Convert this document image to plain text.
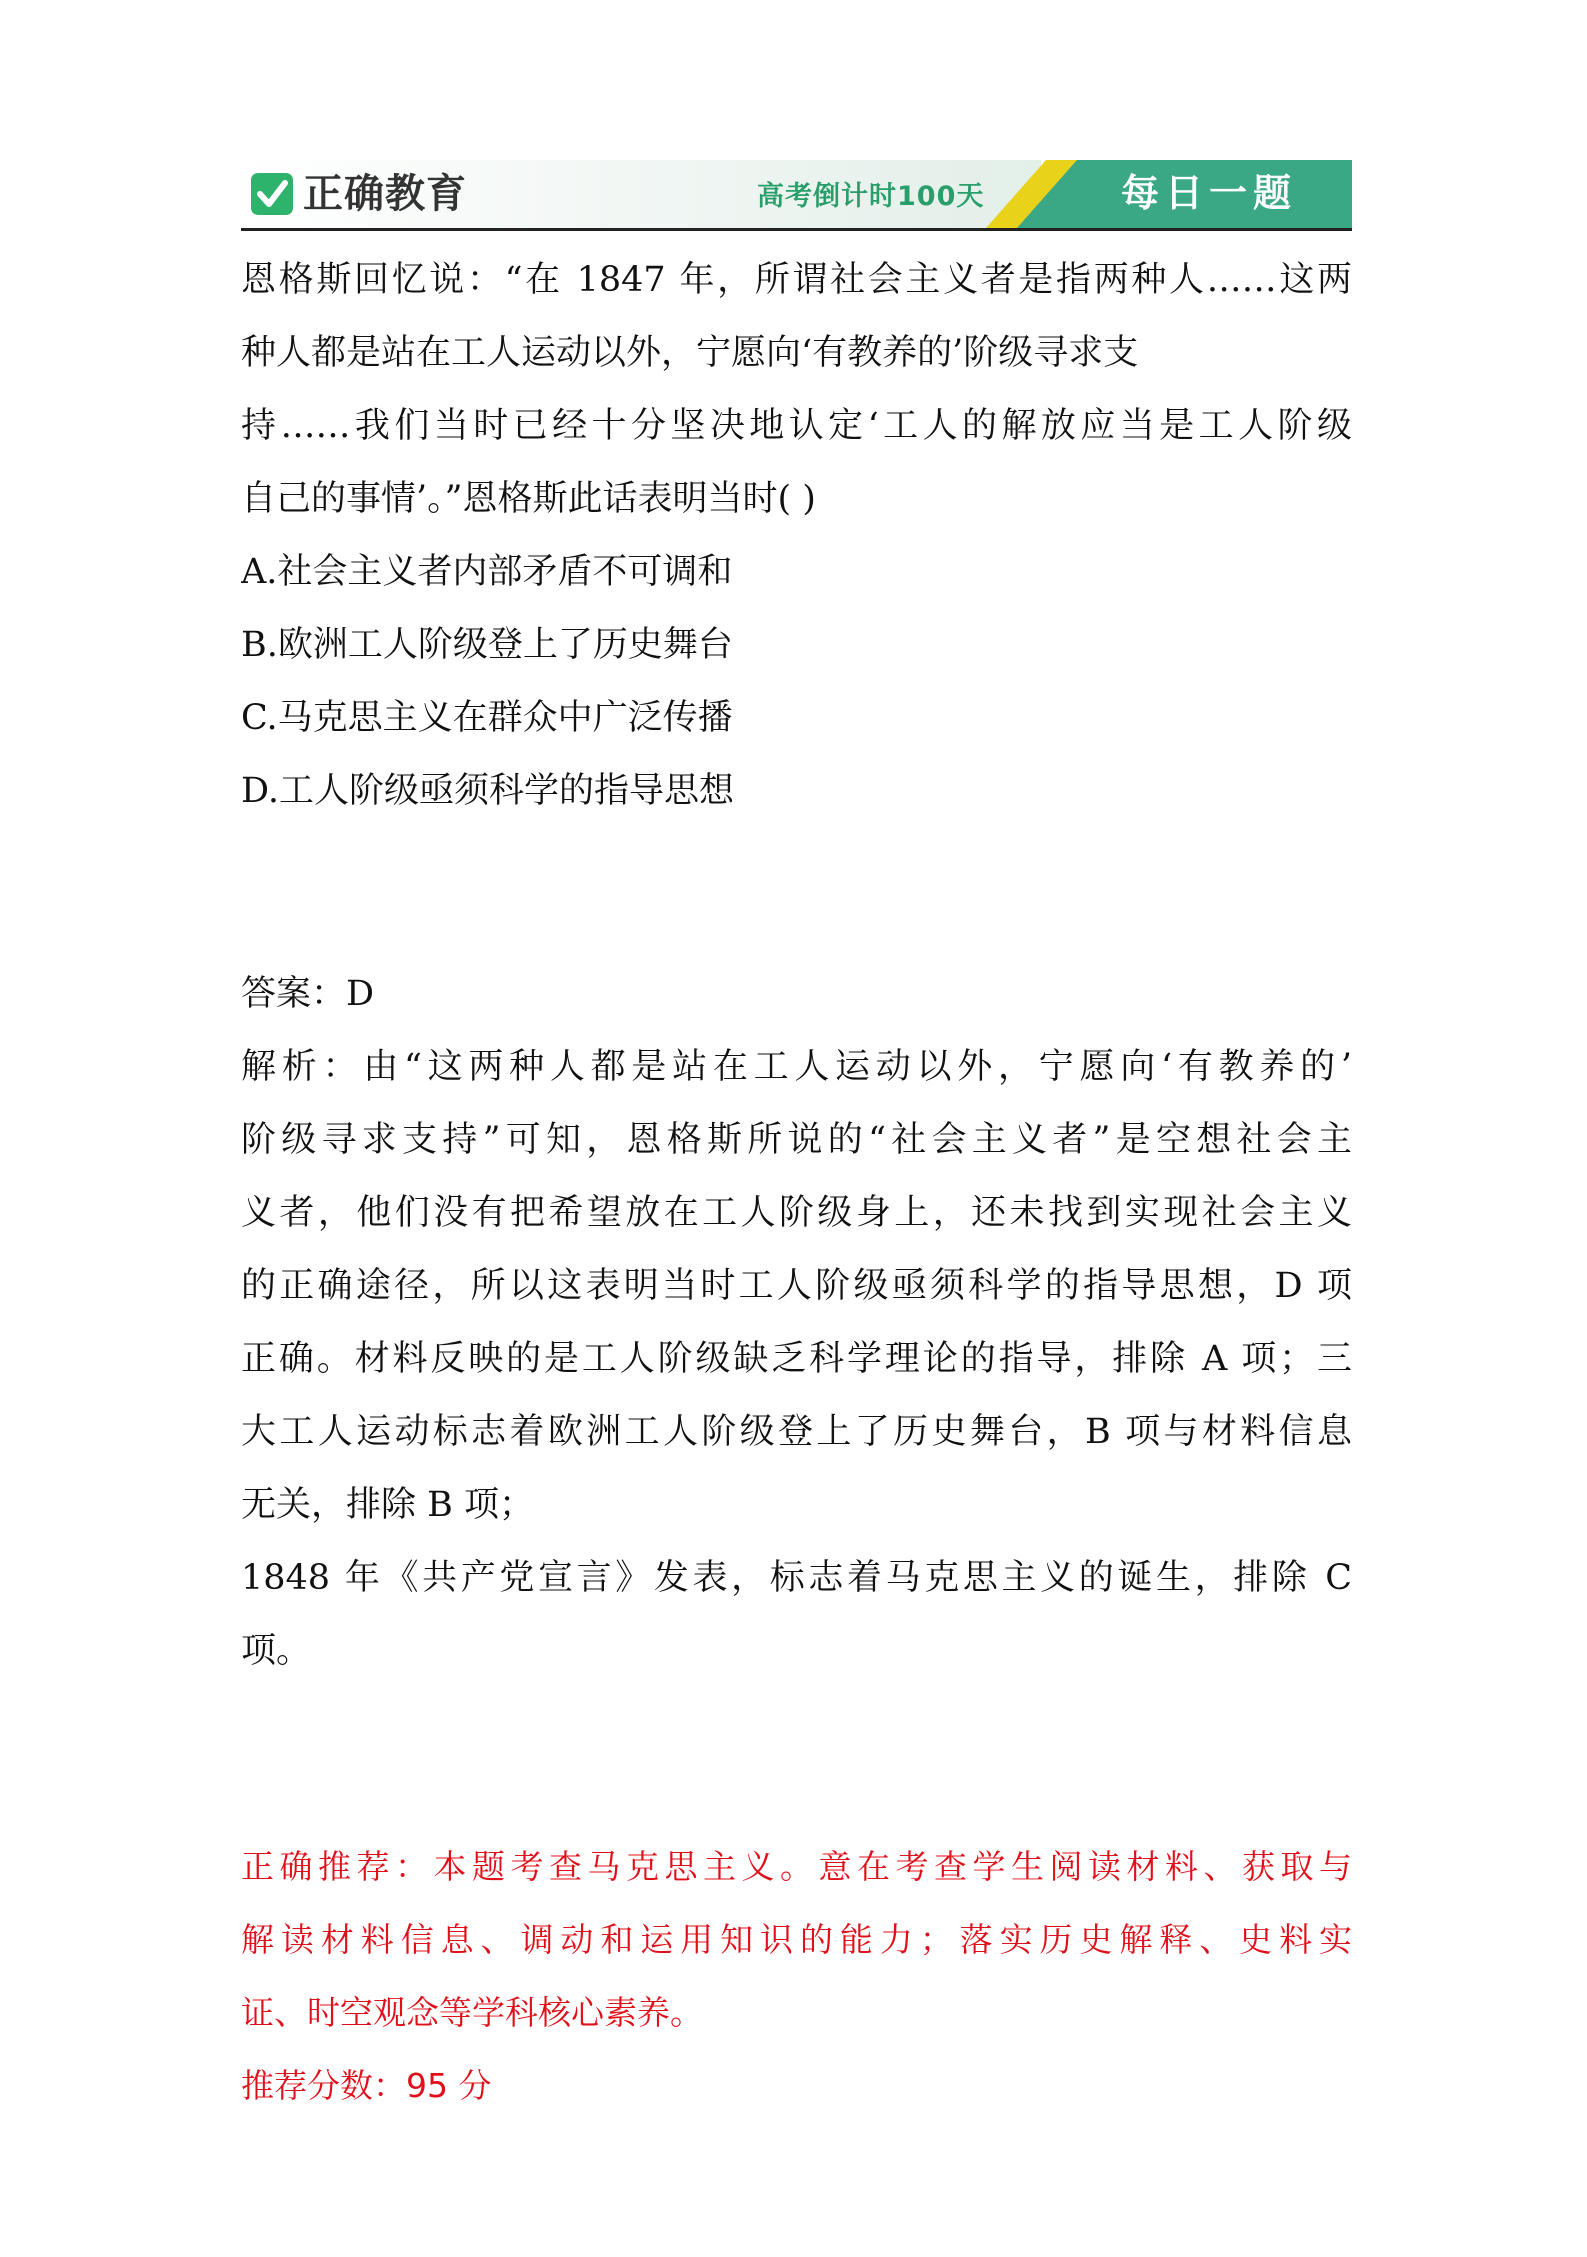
正确教育	高考倒计时100天	每日一题
恩格斯回忆说：“在 1847 年，所谓社会主义者是指两种人……这两
种人都是站在工人运动以外，宁愿向‘有教养的’阶级寻求支
持……我们当时已经十分坚决地认定‘工人的解放应当是工人阶级
自己的事情’。”恩格斯此话表明当时( )
A.社会主义者内部矛盾不可调和
B.欧洲工人阶级登上了历史舞台
C.马克思主义在群众中广泛传播
D.工人阶级亟须科学的指导思想
答案：D
解析：由“这两种人都是站在工人运动以外，宁愿向‘有教养的’
阶级寻求支持”可知，恩格斯所说的“社会主义者”是空想社会主
义者，他们没有把希望放在工人阶级身上，还未找到实现社会主义
的正确途径，所以这表明当时工人阶级亟须科学的指导思想，D 项
正确。材料反映的是工人阶级缺乏科学理论的指导，排除 A 项；三
大工人运动标志着欧洲工人阶级登上了历史舞台，B 项与材料信息
无关，排除 B 项；
1848 年《共产党宣言》发表，标志着马克思主义的诞生，排除 C
项。
正确推荐：本题考查马克思主义。意在考查学生阅读材料、获取与
解读材料信息、调动和运用知识的能力；落实历史解释、史料实
证、时空观念等学科核心素养。
推荐分数：95 分
